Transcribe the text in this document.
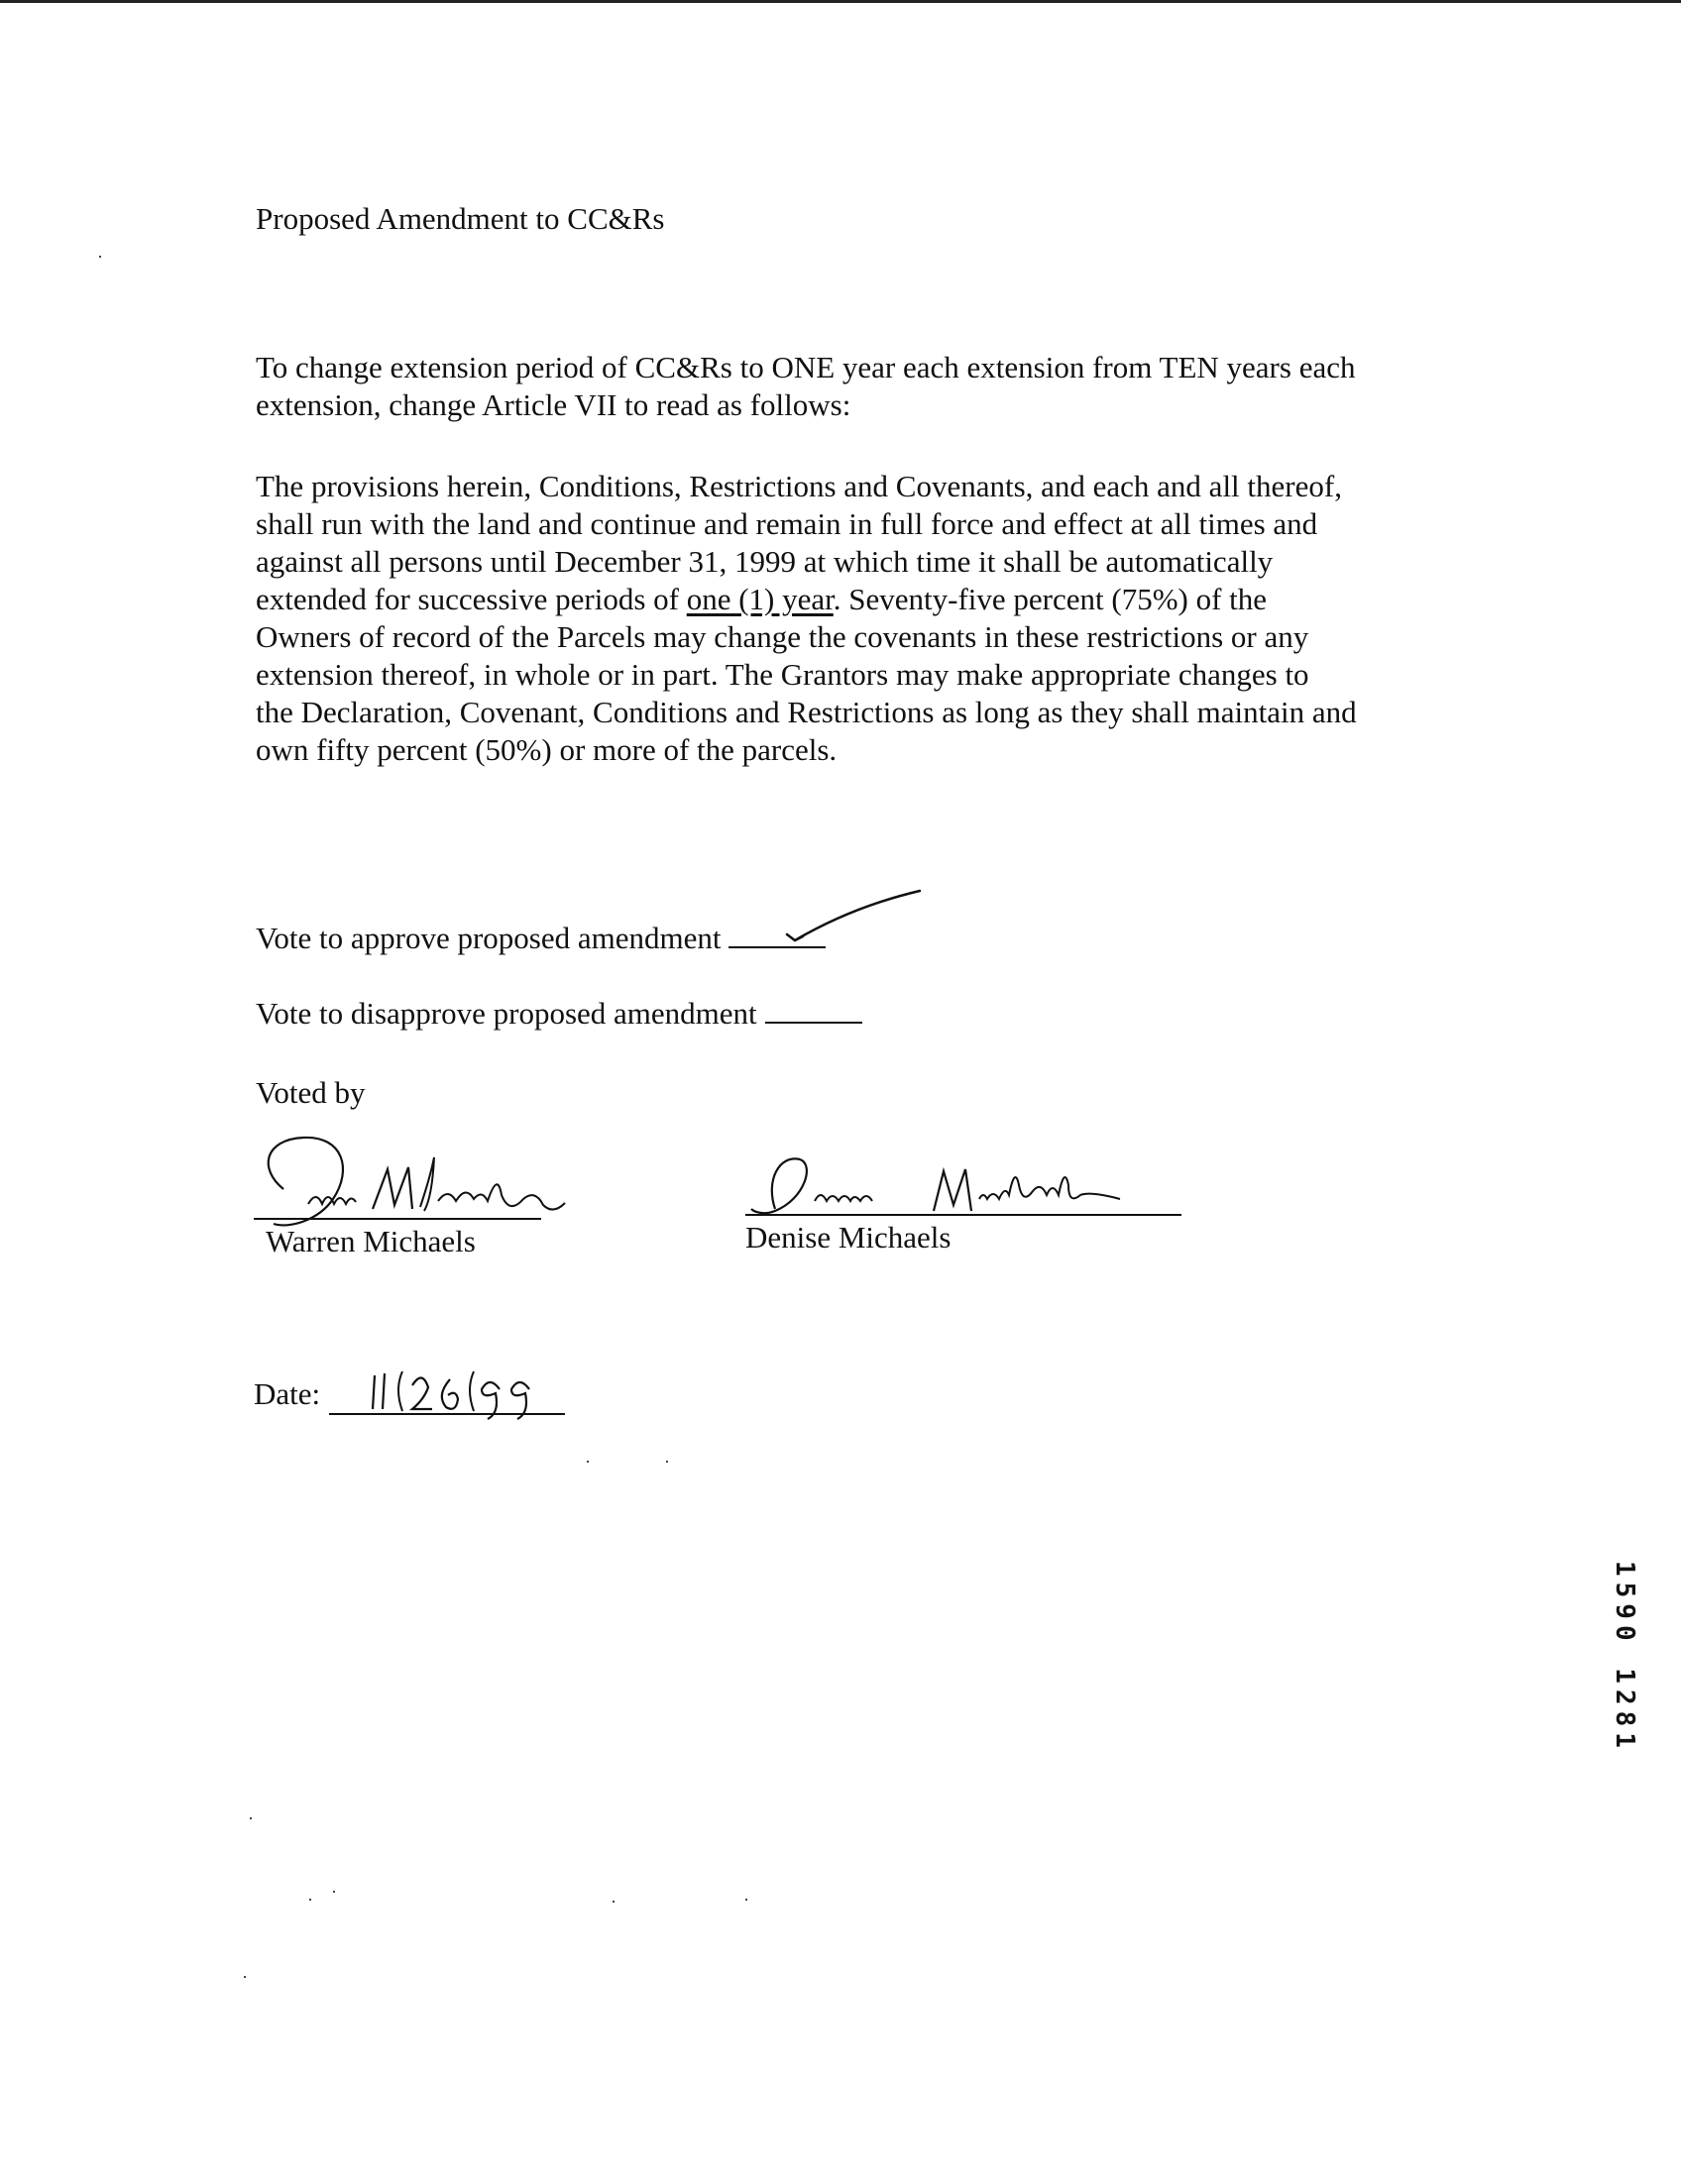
Proposed Amendment to CC&Rs
To change extension period of CC&Rs to ONE year each extension from TEN years each
extension, change Article VII to read as follows:
The provisions herein, Conditions, Restrictions and Covenants, and each and all thereof,
shall run with the land and continue and remain in full force and effect at all times and
against all persons until December 31, 1999 at which time it shall be automatically
extended for successive periods of one (1) year. Seventy-five percent (75%) of the
Owners of record of the Parcels may change the covenants in these restrictions or any
extension thereof, in whole or in part. The Grantors may make appropriate changes to
the Declaration, Covenant, Conditions and Restrictions as long as they shall maintain and
own fifty percent (50%) or more of the parcels.
Vote to approve proposed amendment
Vote to disapprove proposed amendment
Voted by
Warren Michaels	Denise Michaels
Date:
1590 1281
